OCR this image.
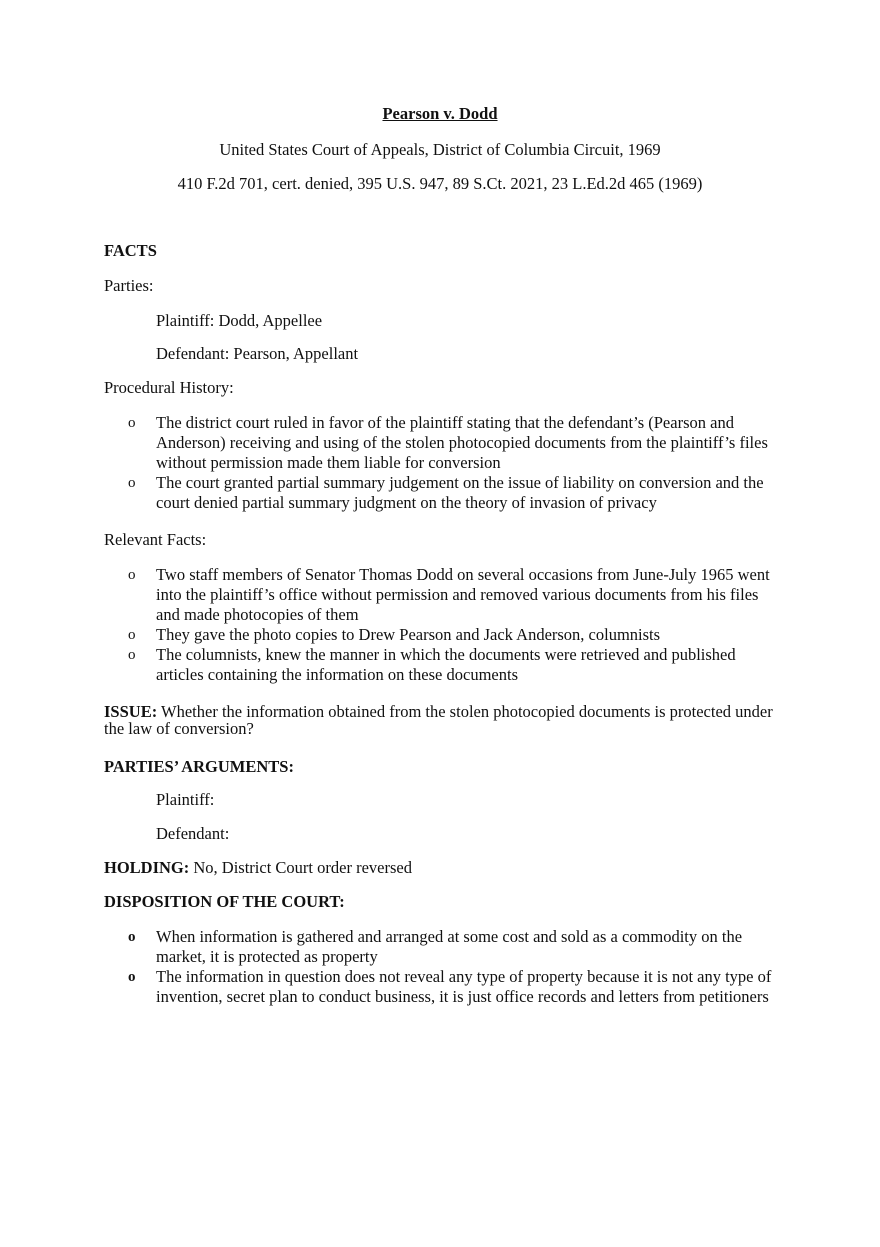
Pearson v. Dodd
United States Court of Appeals, District of Columbia Circuit, 1969
410 F.2d 701, cert. denied, 395 U.S. 947, 89 S.Ct. 2021, 23 L.Ed.2d 465 (1969)
FACTS
Parties:
Plaintiff: Dodd, Appellee
Defendant: Pearson, Appellant
Procedural History:
o The district court ruled in favor of the plaintiff stating that the defendant’s (Pearson and Anderson) receiving and using of the stolen photocopied documents from the plaintiff’s files without permission made them liable for conversion
o The court granted partial summary judgement on the issue of liability on conversion and the court denied partial summary judgment on the theory of invasion of privacy
Relevant Facts:
o Two staff members of Senator Thomas Dodd on several occasions from June-July 1965 went into the plaintiff’s office without permission and removed various documents from his files and made photocopies of them
o They gave the photo copies to Drew Pearson and Jack Anderson, columnists
o The columnists, knew the manner in which the documents were retrieved and published articles containing the information on these documents
ISSUE: Whether the information obtained from the stolen photocopied documents is protected under the law of conversion?
PARTIES’ ARGUMENTS:
Plaintiff:
Defendant:
HOLDING: No, District Court order reversed
DISPOSITION OF THE COURT:
o When information is gathered and arranged at some cost and sold as a commodity on the market, it is protected as property
o The information in question does not reveal any type of property because it is not any type of invention, secret plan to conduct business, it is just office records and letters from petitioners
